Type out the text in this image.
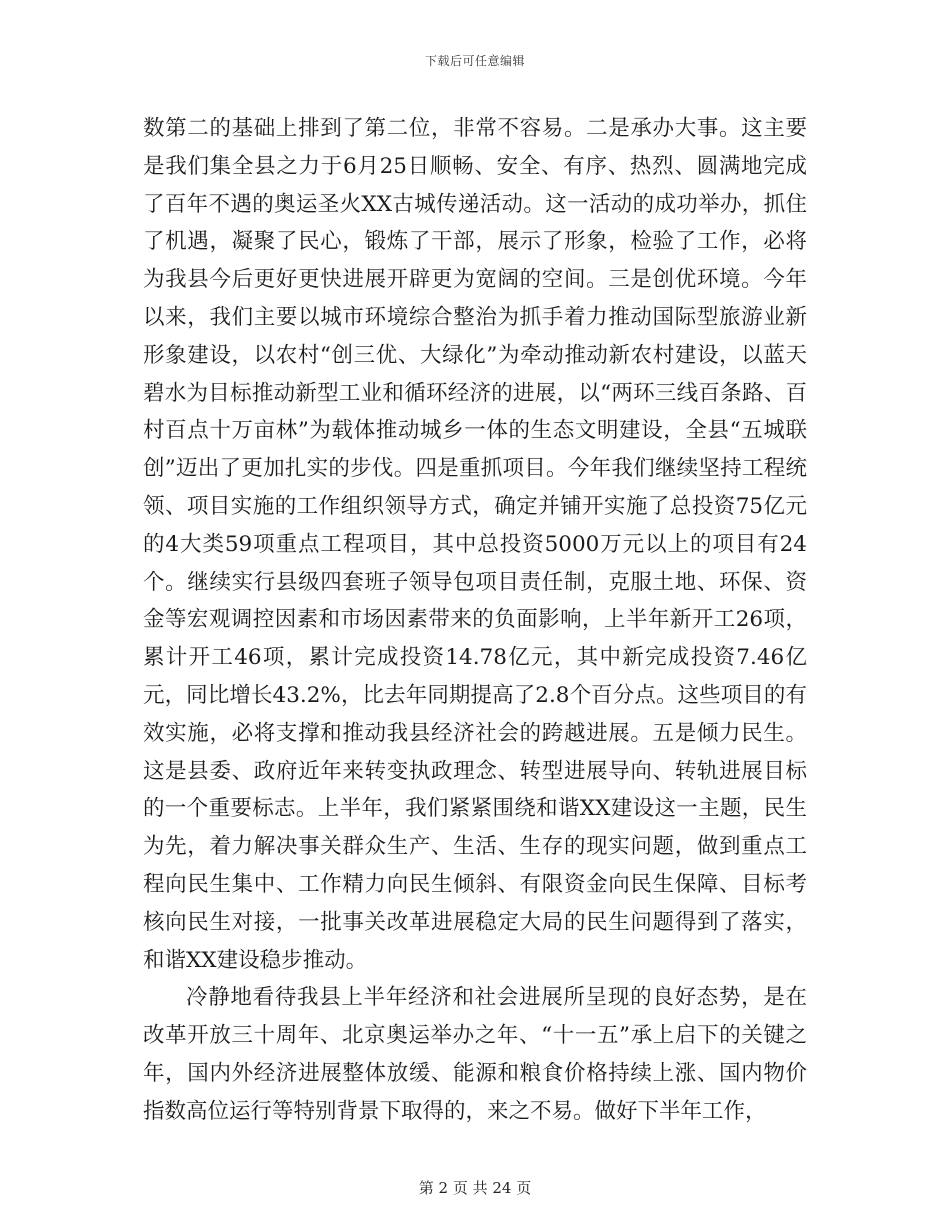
下载后可任意编辑

数第二的基础上排到了第二位，非常不容易。二是承办大事。这主要是我们集全县之力于6月25日顺畅、安全、有序、热烈、圆满地完成了百年不遇的奥运圣火XX古城传递活动。这一活动的成功举办，抓住了机遇，凝聚了民心，锻炼了干部，展示了形象，检验了工作，必将为我县今后更好更快进展开辟更为宽阔的空间。三是创优环境。今年以来，我们主要以城市环境综合整治为抓手着力推动国际型旅游业新形象建设，以农村“创三优、大绿化”为牵动推动新农村建设，以蓝天碧水为目标推动新型工业和循环经济的进展，以“两环三线百条路、百村百点十万亩林”为载体推动城乡一体的生态文明建设，全县“五城联创”迈出了更加扎实的步伐。四是重抓项目。今年我们继续坚持工程统领、项目实施的工作组织领导方式，确定并铺开实施了总投资75亿元的4大类59项重点工程项目，其中总投资5000万元以上的项目有24个。继续实行县级四套班子领导包项目责任制，克服土地、环保、资金等宏观调控因素和市场因素带来的负面影响，上半年新开工26项，累计开工46项，累计完成投资14.78亿元，其中新完成投资7.46亿元，同比增长43.2%，比去年同期提高了2.8个百分点。这些项目的有效实施，必将支撑和推动我县经济社会的跨越进展。五是倾力民生。这是县委、政府近年来转变执政理念、转型进展导向、转轨进展目标的一个重要标志。上半年，我们紧紧围绕和谐XX建设这一主题，民生为先，着力解决事关群众生产、生活、生存的现实问题，做到重点工程向民生集中、工作精力向民生倾斜、有限资金向民生保障、目标考核向民生对接，一批事关改革进展稳定大局的民生问题得到了落实，和谐XX建设稳步推动。

冷静地看待我县上半年经济和社会进展所呈现的良好态势，是在改革开放三十周年、北京奥运举办之年、“十一五”承上启下的关键之年，国内外经济进展整体放缓、能源和粮食价格持续上涨、国内物价指数高位运行等特别背景下取得的，来之不易。做好下半年工作，

第 2 页 共 24 页
